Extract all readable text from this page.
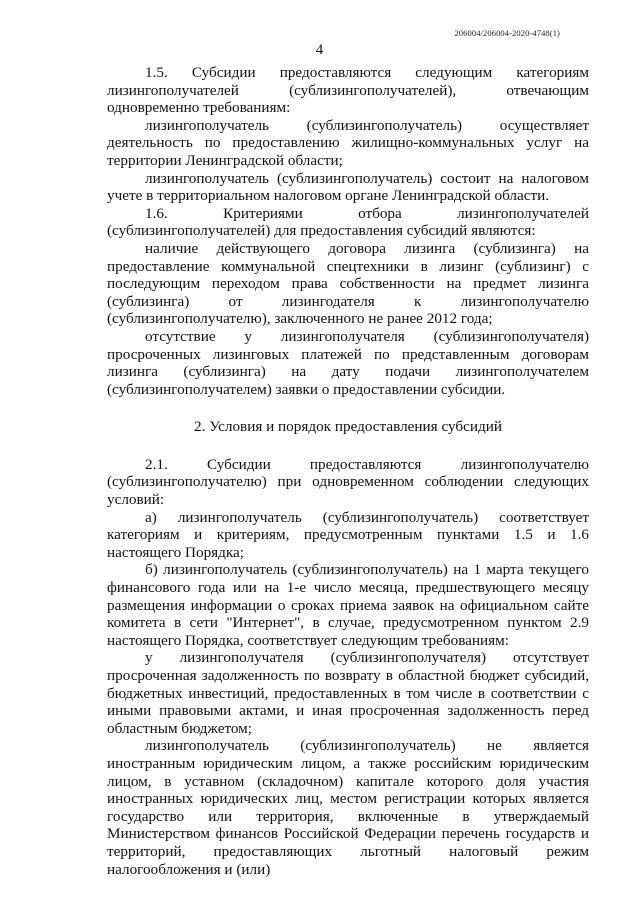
206004/206004-2020-4748(1)
4

1.5. Субсидии предоставляются следующим категориям лизингополучателей (сублизингополучателей), отвечающим одновременно требованиям:

лизингополучатель (сублизингополучатель) осуществляет деятельность по предоставлению жилищно-коммунальных услуг на территории Ленинградской области;

лизингополучатель (сублизингополучатель) состоит на налоговом учете в территориальном налоговом органе Ленинградской области.

1.6. Критериями отбора лизингополучателей (сублизингополучателей) для предоставления субсидий являются:

наличие действующего договора лизинга (сублизинга) на предоставление коммунальной спецтехники в лизинг (сублизинг) с последующим переходом права собственности на предмет лизинга (сублизинга) от лизингодателя к лизингополучателю (сублизингополучателю), заключенного не ранее 2012 года;

отсутствие у лизингополучателя (сублизингополучателя) просроченных лизинговых платежей по представленным договорам лизинга (сублизинга) на дату подачи лизингополучателем (сублизингополучателем) заявки о предоставлении субсидии.

2. Условия и порядок предоставления субсидий

2.1. Субсидии предоставляются лизингополучателю (сублизингополучателю) при одновременном соблюдении следующих условий:

а) лизингополучатель (сублизингополучатель) соответствует категориям и критериям, предусмотренным пунктами 1.5 и 1.6 настоящего Порядка;

б) лизингополучатель (сублизингополучатель) на 1 марта текущего финансового года или на 1-е число месяца, предшествующего месяцу размещения информации о сроках приема заявок на официальном сайте комитета в сети "Интернет", в случае, предусмотренном пунктом 2.9 настоящего Порядка, соответствует следующим требованиям:

у лизингополучателя (сублизингополучателя) отсутствует просроченная задолженность по возврату в областной бюджет субсидий, бюджетных инвестиций, предоставленных в том числе в соответствии с иными правовыми актами, и иная просроченная задолженность перед областным бюджетом;

лизингополучатель (сублизингополучатель) не является иностранным юридическим лицом, а также российским юридическим лицом, в уставном (складочном) капитале которого доля участия иностранных юридических лиц, местом регистрации которых является государство или территория, включенные в утверждаемый Министерством финансов Российской Федерации перечень государств и территорий, предоставляющих льготный налоговый режим налогообложения и (или)
